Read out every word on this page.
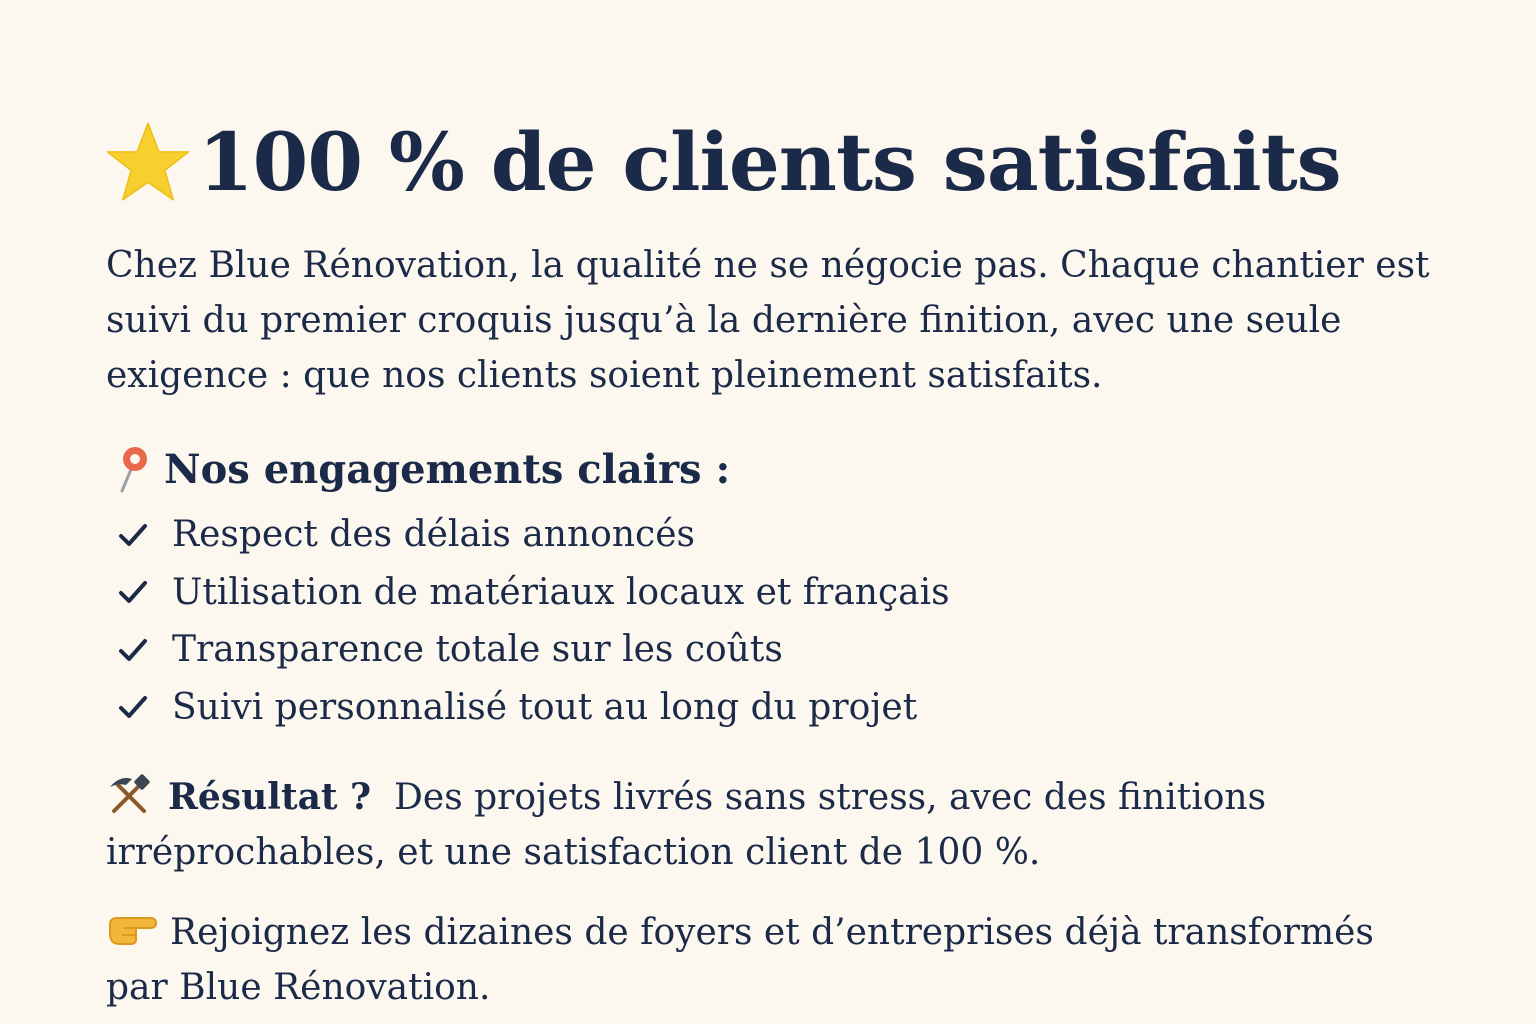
100 % de clients satisfaits

Chez Blue Rénovation, la qualité ne se négocie pas. Chaque chantier est suivi du premier croquis jusqu’à la dernière finition, avec une seule exigence : que nos clients soient pleinement satisfaits.

Nos engagements clairs :
Respect des délais annoncés
Utilisation de matériaux locaux et français
Transparence totale sur les coûts
Suivi personnalisé tout au long du projet

Résultat ? Des projets livrés sans stress, avec des finitions irréprochables, et une satisfaction client de 100 %.

Rejoignez les dizaines de foyers et d’entreprises déjà transformés par Blue Rénovation.
